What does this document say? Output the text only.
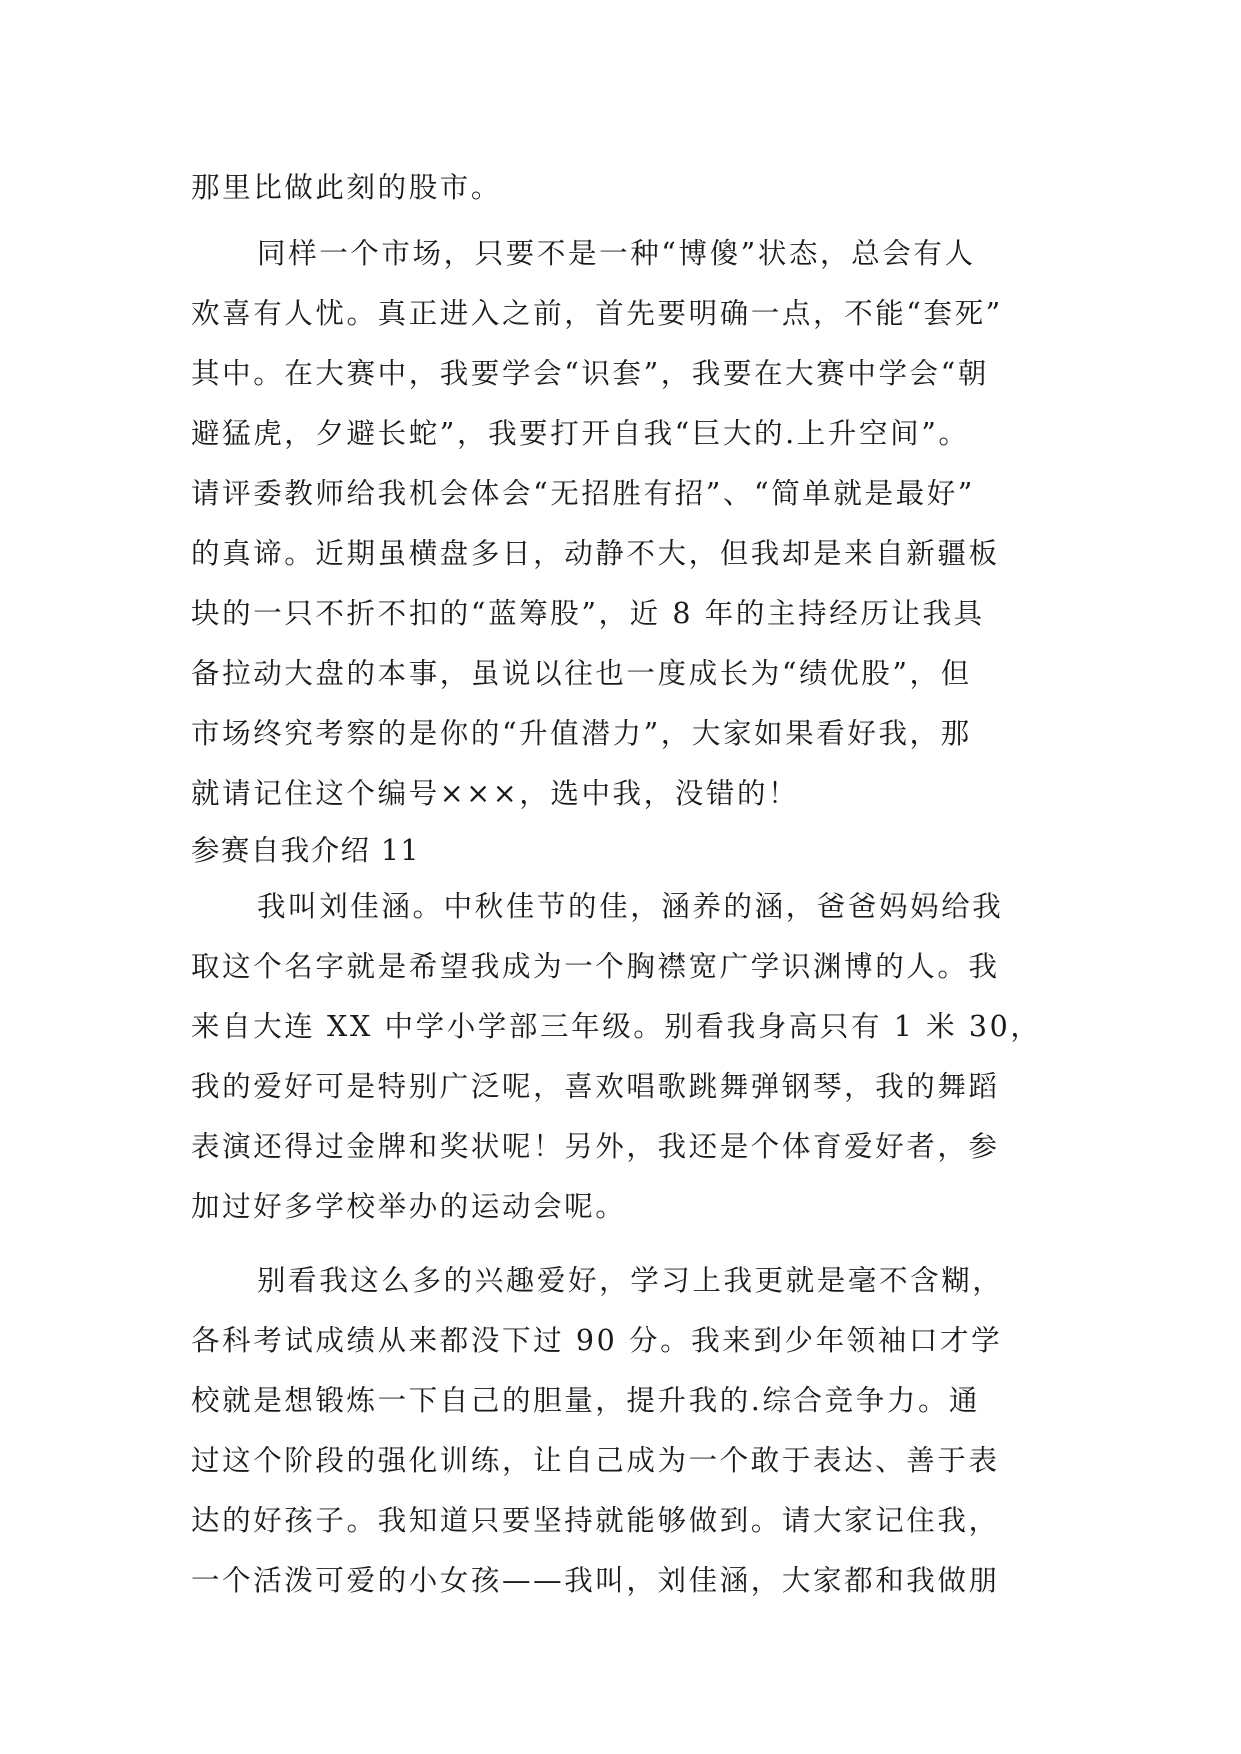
那里比做此刻的股市。
同样一个市场，只要不是一种“博傻”状态，总会有人
欢喜有人忧。真正进入之前，首先要明确一点，不能“套死”
其中。在大赛中，我要学会“识套”，我要在大赛中学会“朝
避猛虎，夕避长蛇”，我要打开自我“巨大的.上升空间”。
请评委教师给我机会体会“无招胜有招”、“简单就是最好”
的真谛。近期虽横盘多日，动静不大，但我却是来自新疆板
块的一只不折不扣的“蓝筹股”，近 8 年的主持经历让我具
备拉动大盘的本事，虽说以往也一度成长为“绩优股”，但
市场终究考察的是你的“升值潜力”，大家如果看好我，那
就请记住这个编号×××，选中我，没错的！
参赛自我介绍 11
我叫刘佳涵。中秋佳节的佳，涵养的涵，爸爸妈妈给我
取这个名字就是希望我成为一个胸襟宽广学识渊博的人。我
来自大连 XX 中学小学部三年级。别看我身高只有 1 米 30，
我的爱好可是特别广泛呢，喜欢唱歌跳舞弹钢琴，我的舞蹈
表演还得过金牌和奖状呢！另外，我还是个体育爱好者，参
加过好多学校举办的运动会呢。
别看我这么多的兴趣爱好，学习上我更就是毫不含糊，
各科考试成绩从来都没下过 90 分。我来到少年领袖口才学
校就是想锻炼一下自己的胆量，提升我的.综合竞争力。通
过这个阶段的强化训练，让自己成为一个敢于表达、善于表
达的好孩子。我知道只要坚持就能够做到。请大家记住我，
一个活泼可爱的小女孩——我叫，刘佳涵，大家都和我做朋
